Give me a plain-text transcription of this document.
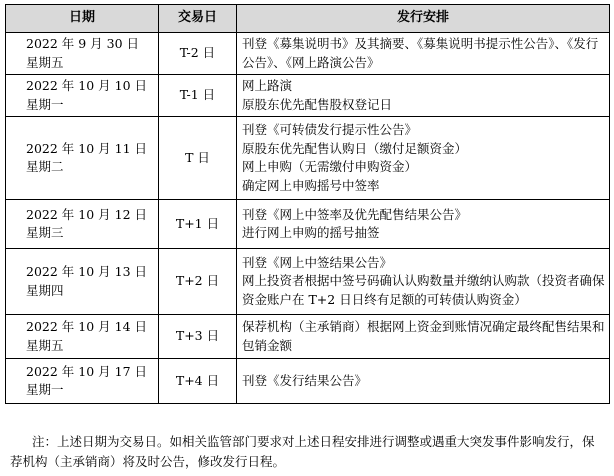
日期	交易日	发行安排

2022 年 9 月 30 日
星期五	T-2 日	刊登《募集说明书》及其摘要、《募集说明书提示性公告》、《发行公告》、《网上路演公告》

2022 年 10 月 10 日
星期一	T-1 日	网上路演
原股东优先配售股权登记日

2022 年 10 月 11 日
星期二	T 日	刊登《可转债发行提示性公告》
原股东优先配售认购日（缴付足额资金）
网上申购（无需缴付申购资金）
确定网上申购摇号中签率

2022 年 10 月 12 日
星期三	T+1 日	刊登《网上中签率及优先配售结果公告》
进行网上申购的摇号抽签

2022 年 10 月 13 日
星期四	T+2 日	刊登《网上中签结果公告》
网上投资者根据中签号码确认认购数量并缴纳认购款（投资者确保资金账户在 T+2 日日终有足额的可转债认购资金）

2022 年 10 月 14 日
星期五	T+3 日	保荐机构（主承销商）根据网上资金到账情况确定最终配售结果和包销金额

2022 年 10 月 17 日
星期一	T+4 日	刊登《发行结果公告》
注：上述日期为交易日。如相关监管部门要求对上述日程安排进行调整或遇重大突发事件影响发行，保荐机构（主承销商）将及时公告，修改发行日程。
